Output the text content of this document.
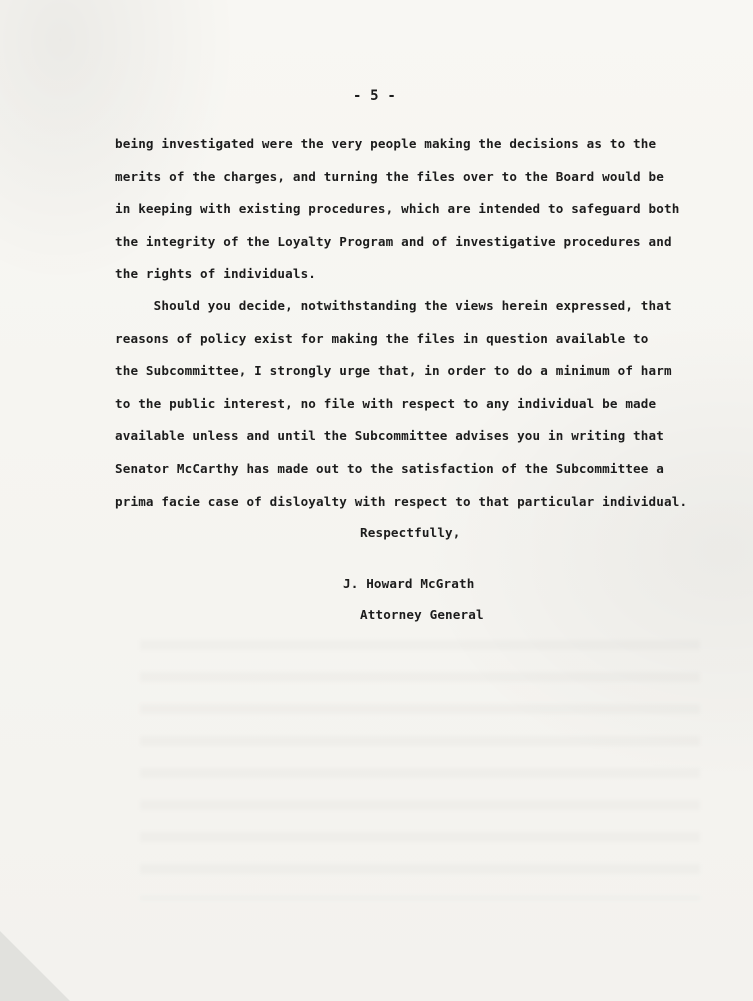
- 5 -
being investigated were the very people making the decisions as to the
merits of the charges, and turning the files over to the Board would be
in keeping with existing procedures, which are intended to safeguard both
the integrity of the Loyalty Program and of investigative procedures and
the rights of individuals.
Should you decide, notwithstanding the views herein expressed, that
reasons of policy exist for making the files in question available to
the Subcommittee, I strongly urge that, in order to do a minimum of harm
to the public interest, no file with respect to any individual be made
available unless and until the Subcommittee advises you in writing that
Senator McCarthy has made out to the satisfaction of the Subcommittee a
prima facie case of disloyalty with respect to that particular individual.
Respectfully,
J. Howard McGrath
Attorney General
